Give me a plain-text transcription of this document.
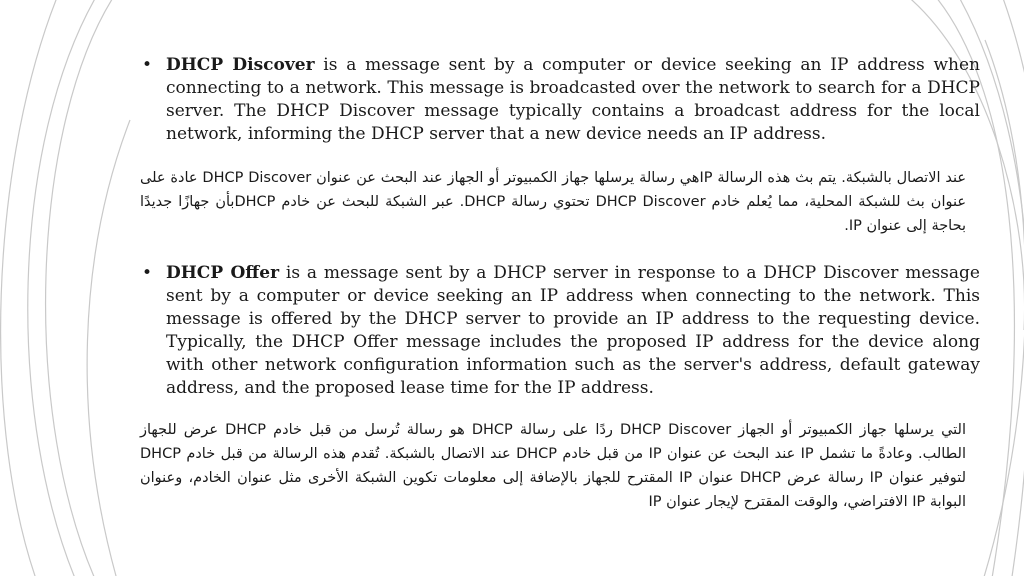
• DHCP Discover is a message sent by a computer or device seeking an IP address when connecting to a network. This message is broadcasted over the network to search for a DHCP server. The DHCP Discover message typically contains a broadcast address for the local network, informing the DHCP server that a new device needs an IP address.

عند الاتصال بالشبكة. يتم بث هذه الرسالة IPهي رسالة يرسلها جهاز الكمبيوتر أو الجهاز عند البحث عن عنوان DHCP Discover عادة على عنوان بث للشبكة المحلية، مما يُعلم خادم DHCP Discover تحتوي رسالة DHCP. عبر الشبكة للبحث عن خادم DHCPبأن جهازًا جديدًا بحاجة إلى عنوان IP.

• DHCP Offer is a message sent by a DHCP server in response to a DHCP Discover message sent by a computer or device seeking an IP address when connecting to the network. This message is offered by the DHCP server to provide an IP address to the requesting device. Typically, the DHCP Offer message includes the proposed IP address for the device along with other network configuration information such as the server's address, default gateway address, and the proposed lease time for the IP address.

التي يرسلها جهاز الكمبيوتر أو الجهاز DHCP Discover ردًا على رسالة DHCP هو رسالة تُرسل من قبل خادم DHCP عرض للجهاز الطالب. وعادةً ما تشمل IP عند البحث عن عنوان IP من قبل خادم DHCP عند الاتصال بالشبكة. تُقدم هذه الرسالة من قبل خادم DHCP لتوفير عنوان IP رسالة عرض DHCP عنوان IP المقترح للجهاز بالإضافة إلى معلومات تكوين الشبكة الأخرى مثل عنوان الخادم، وعنوان البوابة IP الافتراضي، والوقت المقترح لإيجار عنوان IP
